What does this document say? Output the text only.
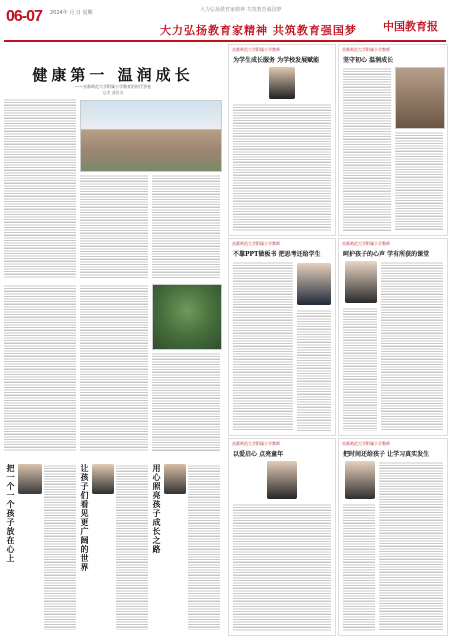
06-07 2024年 月 日 星期	大力弘扬教育家精神 共筑教育强国梦
大力弘扬教育家精神 共筑教育强国梦 中国教育报
健康第一 温润成长
——首都师范大学附属小学教育的时代答卷
记者 通讯员
把一个一个孩子放在心上	让孩子们看见更广阔的世界	用心照亮孩子成长之路
首都师范大学附属小学教师
为学生成长服务 为学校发展赋能
首都师范大学附属小学教师
坚守初心 温润成长
首都师范大学附属小学教师
不靠PPT做板书 把思考还给学生
首都师范大学附属小学教师
呵护孩子的心声 学有所获的课堂
首都师范大学附属小学教师
以爱启心 点亮童年
首都师范大学附属小学教师
把时间还给孩子 让学习真实发生
